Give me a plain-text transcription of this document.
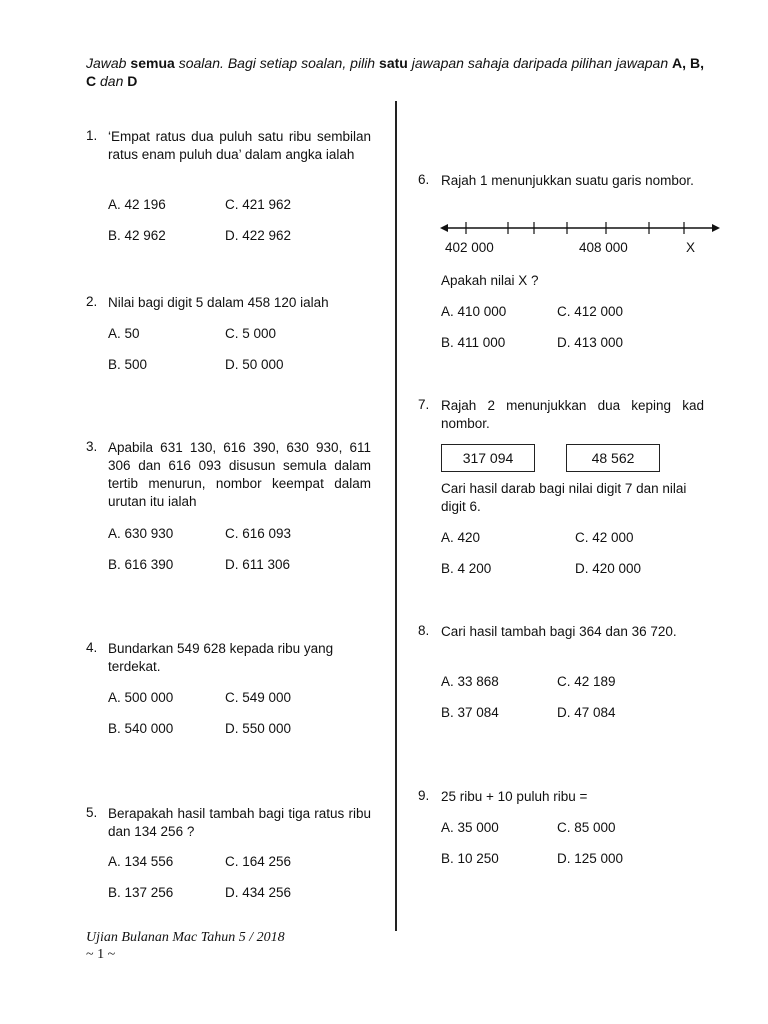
Jawab semua soalan. Bagi setiap soalan, pilih satu jawapan sahaja daripada pilihan jawapan A, B, C dan D
1. ‘Empat ratus dua puluh satu ribu sembilan ratus enam puluh dua’ dalam angka ialah
A. 42 196	C. 421 962
B. 42 962	D. 422 962
2. Nilai bagi digit 5 dalam 458 120 ialah
A. 50	C. 5 000
B. 500	D. 50 000
3. Apabila 631 130, 616 390, 630 930, 611 306 dan 616 093 disusun semula dalam tertib menurun, nombor keempat dalam urutan itu ialah
A. 630 930	C. 616 093
B. 616 390	D. 611 306
4. Bundarkan 549 628 kepada ribu yang terdekat.
A. 500 000	C. 549 000
B. 540 000	D. 550 000
5. Berapakah hasil tambah bagi tiga ratus ribu dan 134 256 ?
A. 134 556	C. 164 256
B. 137 256	D. 434 256
6. Rajah 1 menunjukkan suatu garis nombor.
402 000	408 000	X
Apakah nilai X ?
A. 410 000	C. 412 000
B. 411 000	D. 413 000
7. Rajah 2 menunjukkan dua keping kad nombor.
317 094	48 562
Cari hasil darab bagi nilai digit 7 dan nilai digit 6.
A. 420	C. 42 000
B. 4 200	D. 420 000
8. Cari hasil tambah bagi 364 dan 36 720.
A. 33 868	C. 42 189
B. 37 084	D. 47 084
9. 25 ribu + 10 puluh ribu =
A. 35 000	C. 85 000
B. 10 250	D. 125 000
Ujian Bulanan Mac Tahun 5 / 2018
~ 1 ~
